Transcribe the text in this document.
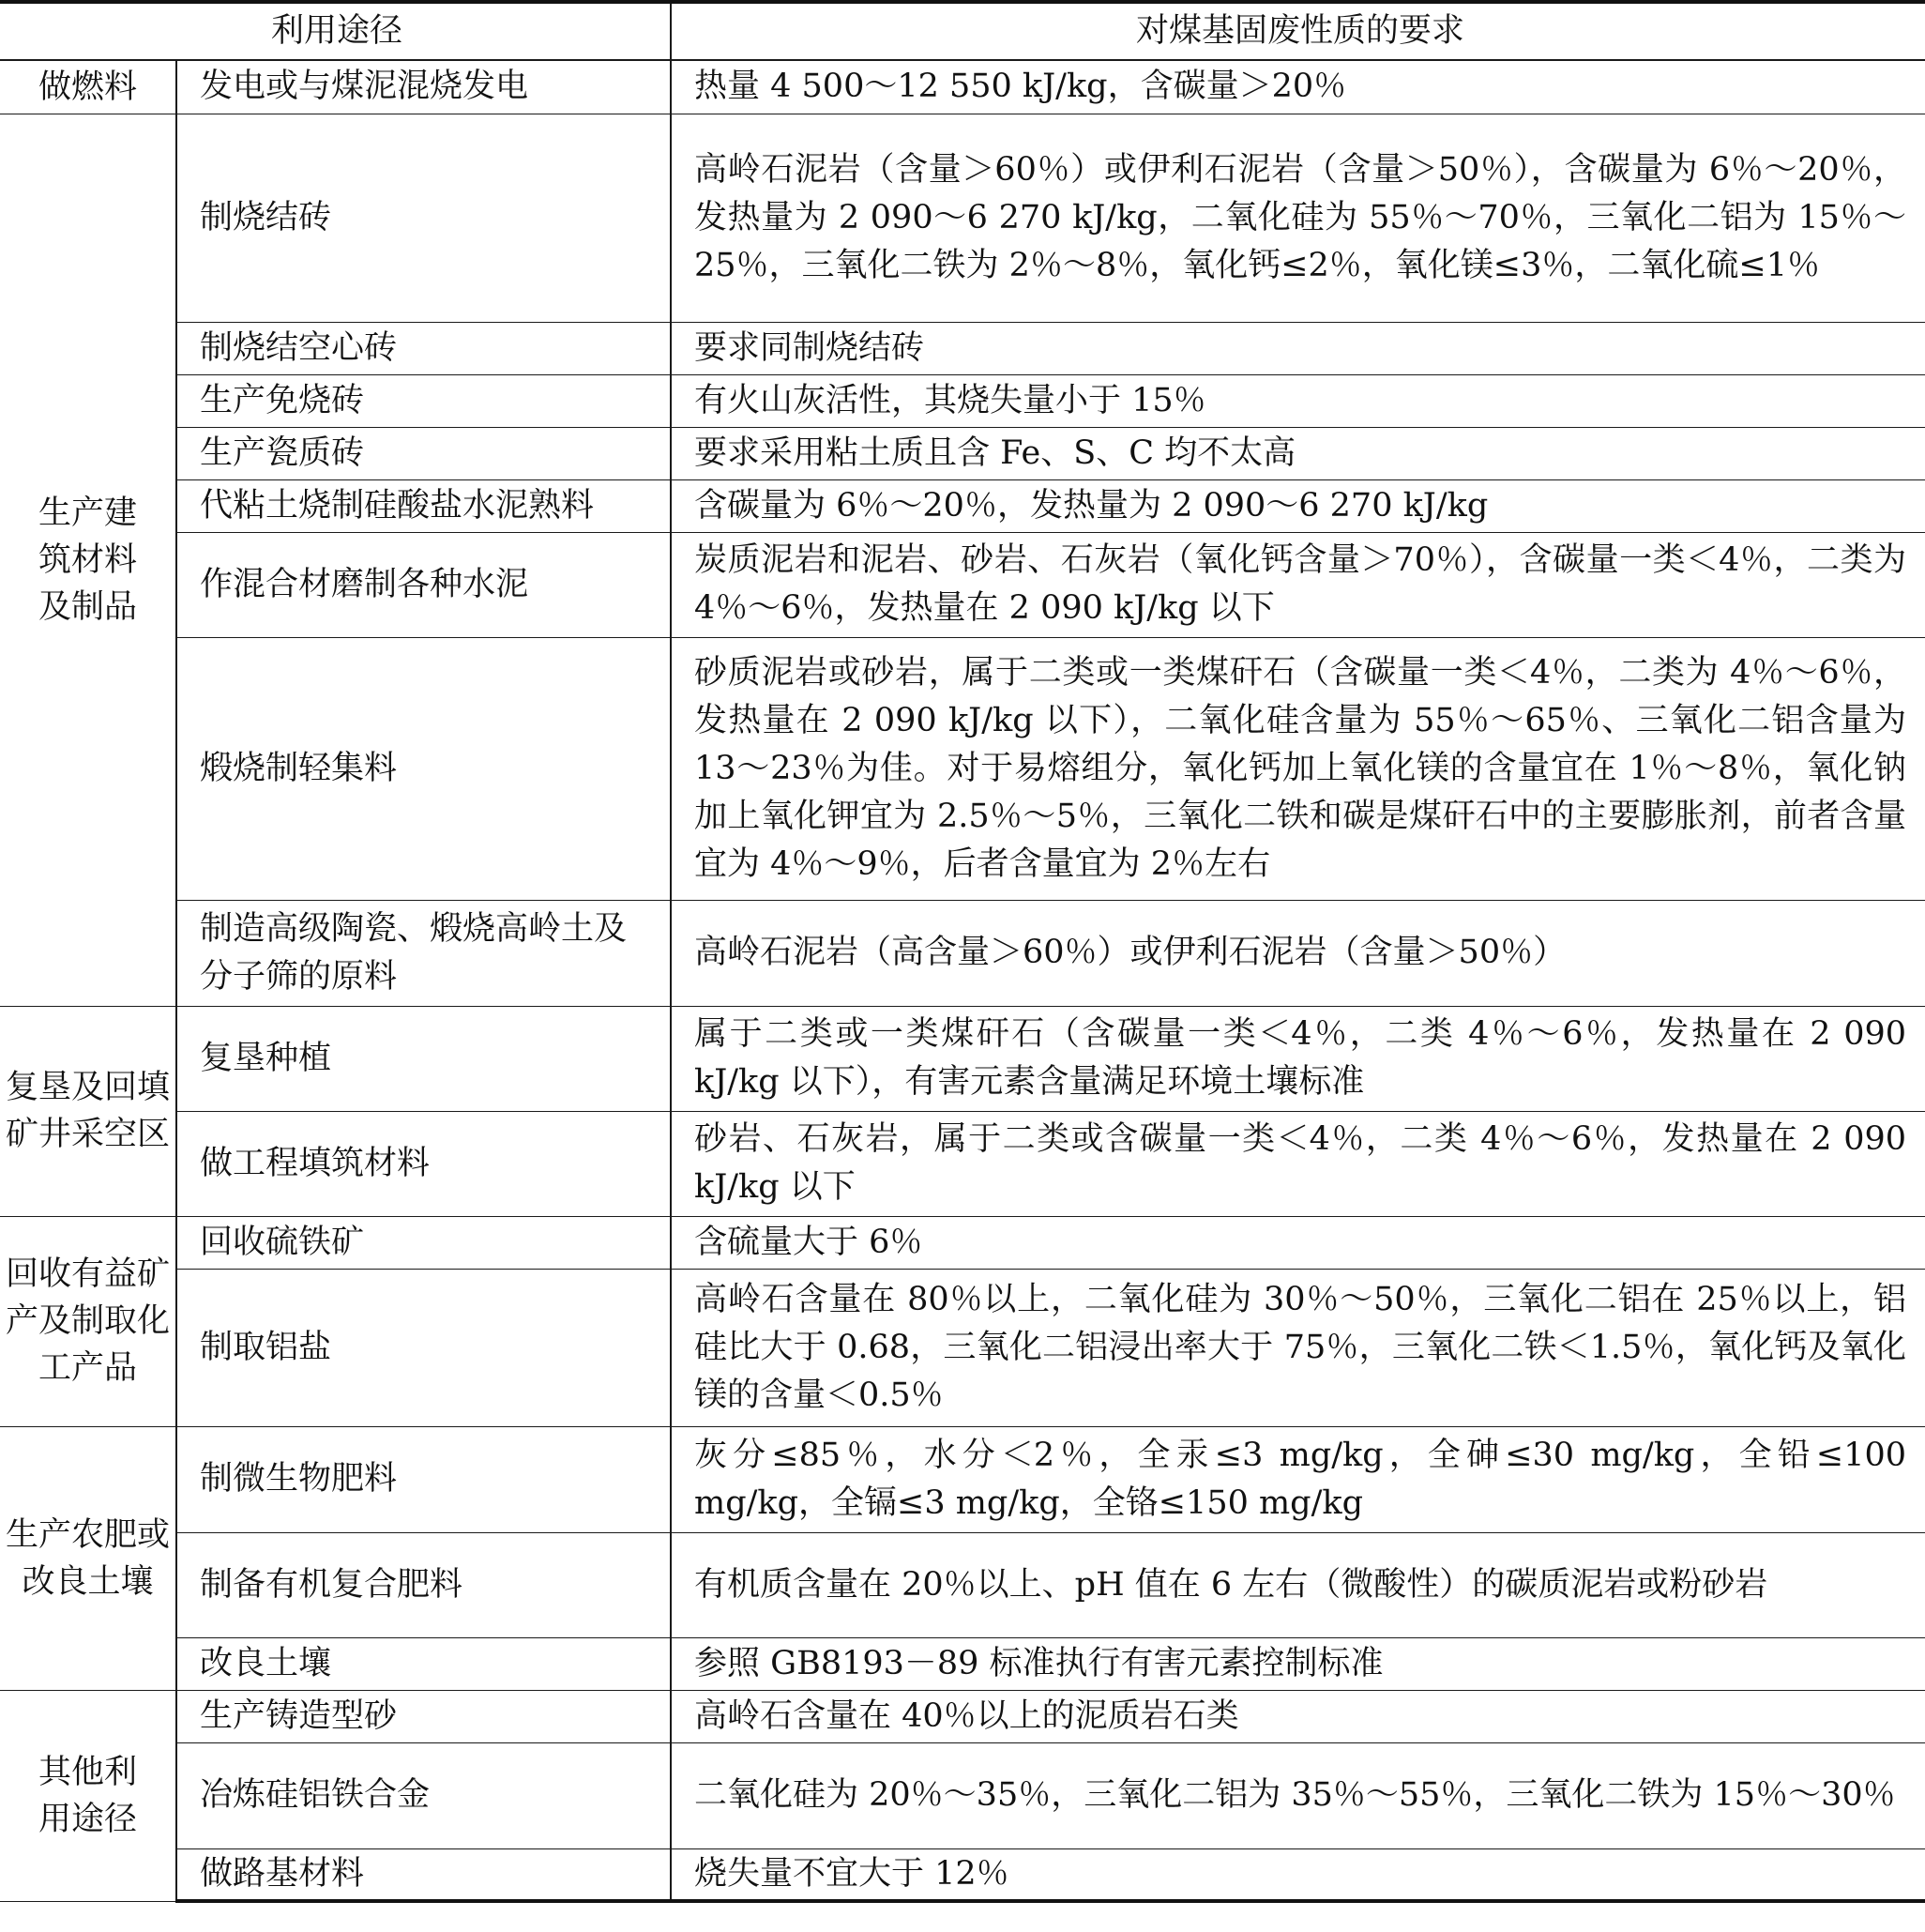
利用途径		对煤基固废性质的要求
做燃料	发电或与煤泥混烧发电	热量 4 500～12 550 kJ/kg，含碳量＞20％
生产建筑材料及制品	制烧结砖	高岭石泥岩（含量＞60％）或伊利石泥岩（含量＞50％），含碳量为 6％～20％，发热量为 2 090～6 270 kJ/kg，二氧化硅为 55％～70％，三氧化二铝为 15％～25％，三氧化二铁为 2％～8％，氧化钙≤2％，氧化镁≤3％，二氧化硫≤1％
	制烧结空心砖	要求同制烧结砖
	生产免烧砖	有火山灰活性，其烧失量小于 15％
	生产瓷质砖	要求采用粘土质且含 Fe、S、C 均不太高
	代粘土烧制硅酸盐水泥熟料	含碳量为 6％～20％，发热量为 2 090～6 270 kJ/kg
	作混合材磨制各种水泥	炭质泥岩和泥岩、砂岩、石灰岩（氧化钙含量＞70％），含碳量一类＜4％，二类为 4％～6％，发热量在 2 090 kJ/kg 以下
	煅烧制轻集料	砂质泥岩或砂岩，属于二类或一类煤矸石（含碳量一类＜4％，二类为 4％～6％，发热量在 2 090 kJ/kg 以下），二氧化硅含量为 55％～65％、三氧化二铝含量为 13～23％为佳。对于易熔组分，氧化钙加上氧化镁的含量宜在 1％～8％，氧化钠加上氧化钾宜为 2.5％～5％，三氧化二铁和碳是煤矸石中的主要膨胀剂，前者含量宜为 4％～9％，后者含量宜为 2％左右
	制造高级陶瓷、煅烧高岭土及分子筛的原料	高岭石泥岩（高含量＞60％）或伊利石泥岩（含量＞50％）
复垦及回填矿井采空区	复垦种植	属于二类或一类煤矸石（含碳量一类＜4％，二类 4％～6％，发热量在 2 090 kJ/kg 以下），有害元素含量满足环境土壤标准
	做工程填筑材料	砂岩、石灰岩，属于二类或含碳量一类＜4％，二类 4％～6％，发热量在 2 090 kJ/kg 以下
回收有益矿产及制取化工产品	回收硫铁矿	含硫量大于 6％
	制取铝盐	高岭石含量在 80％以上，二氧化硅为 30％～50％，三氧化二铝在 25％以上，铝硅比大于 0.68，三氧化二铝浸出率大于 75％，三氧化二铁＜1.5％，氧化钙及氧化镁的含量＜0.5％
生产农肥或改良土壤	制微生物肥料	灰分≤85％，水分＜2％，全汞≤3 mg/kg，全砷≤30 mg/kg，全铅≤100 mg/kg，全镉≤3 mg/kg，全铬≤150 mg/kg
	制备有机复合肥料	有机质含量在 20％以上、pH 值在 6 左右（微酸性）的碳质泥岩或粉砂岩
	改良土壤	参照 GB8193－89 标准执行有害元素控制标准
其他利用途径	生产铸造型砂	高岭石含量在 40％以上的泥质岩石类
	冶炼硅铝铁合金	二氧化硅为 20％～35％，三氧化二铝为 35％～55％，三氧化二铁为 15％～30％
	做路基材料	烧失量不宜大于 12％
